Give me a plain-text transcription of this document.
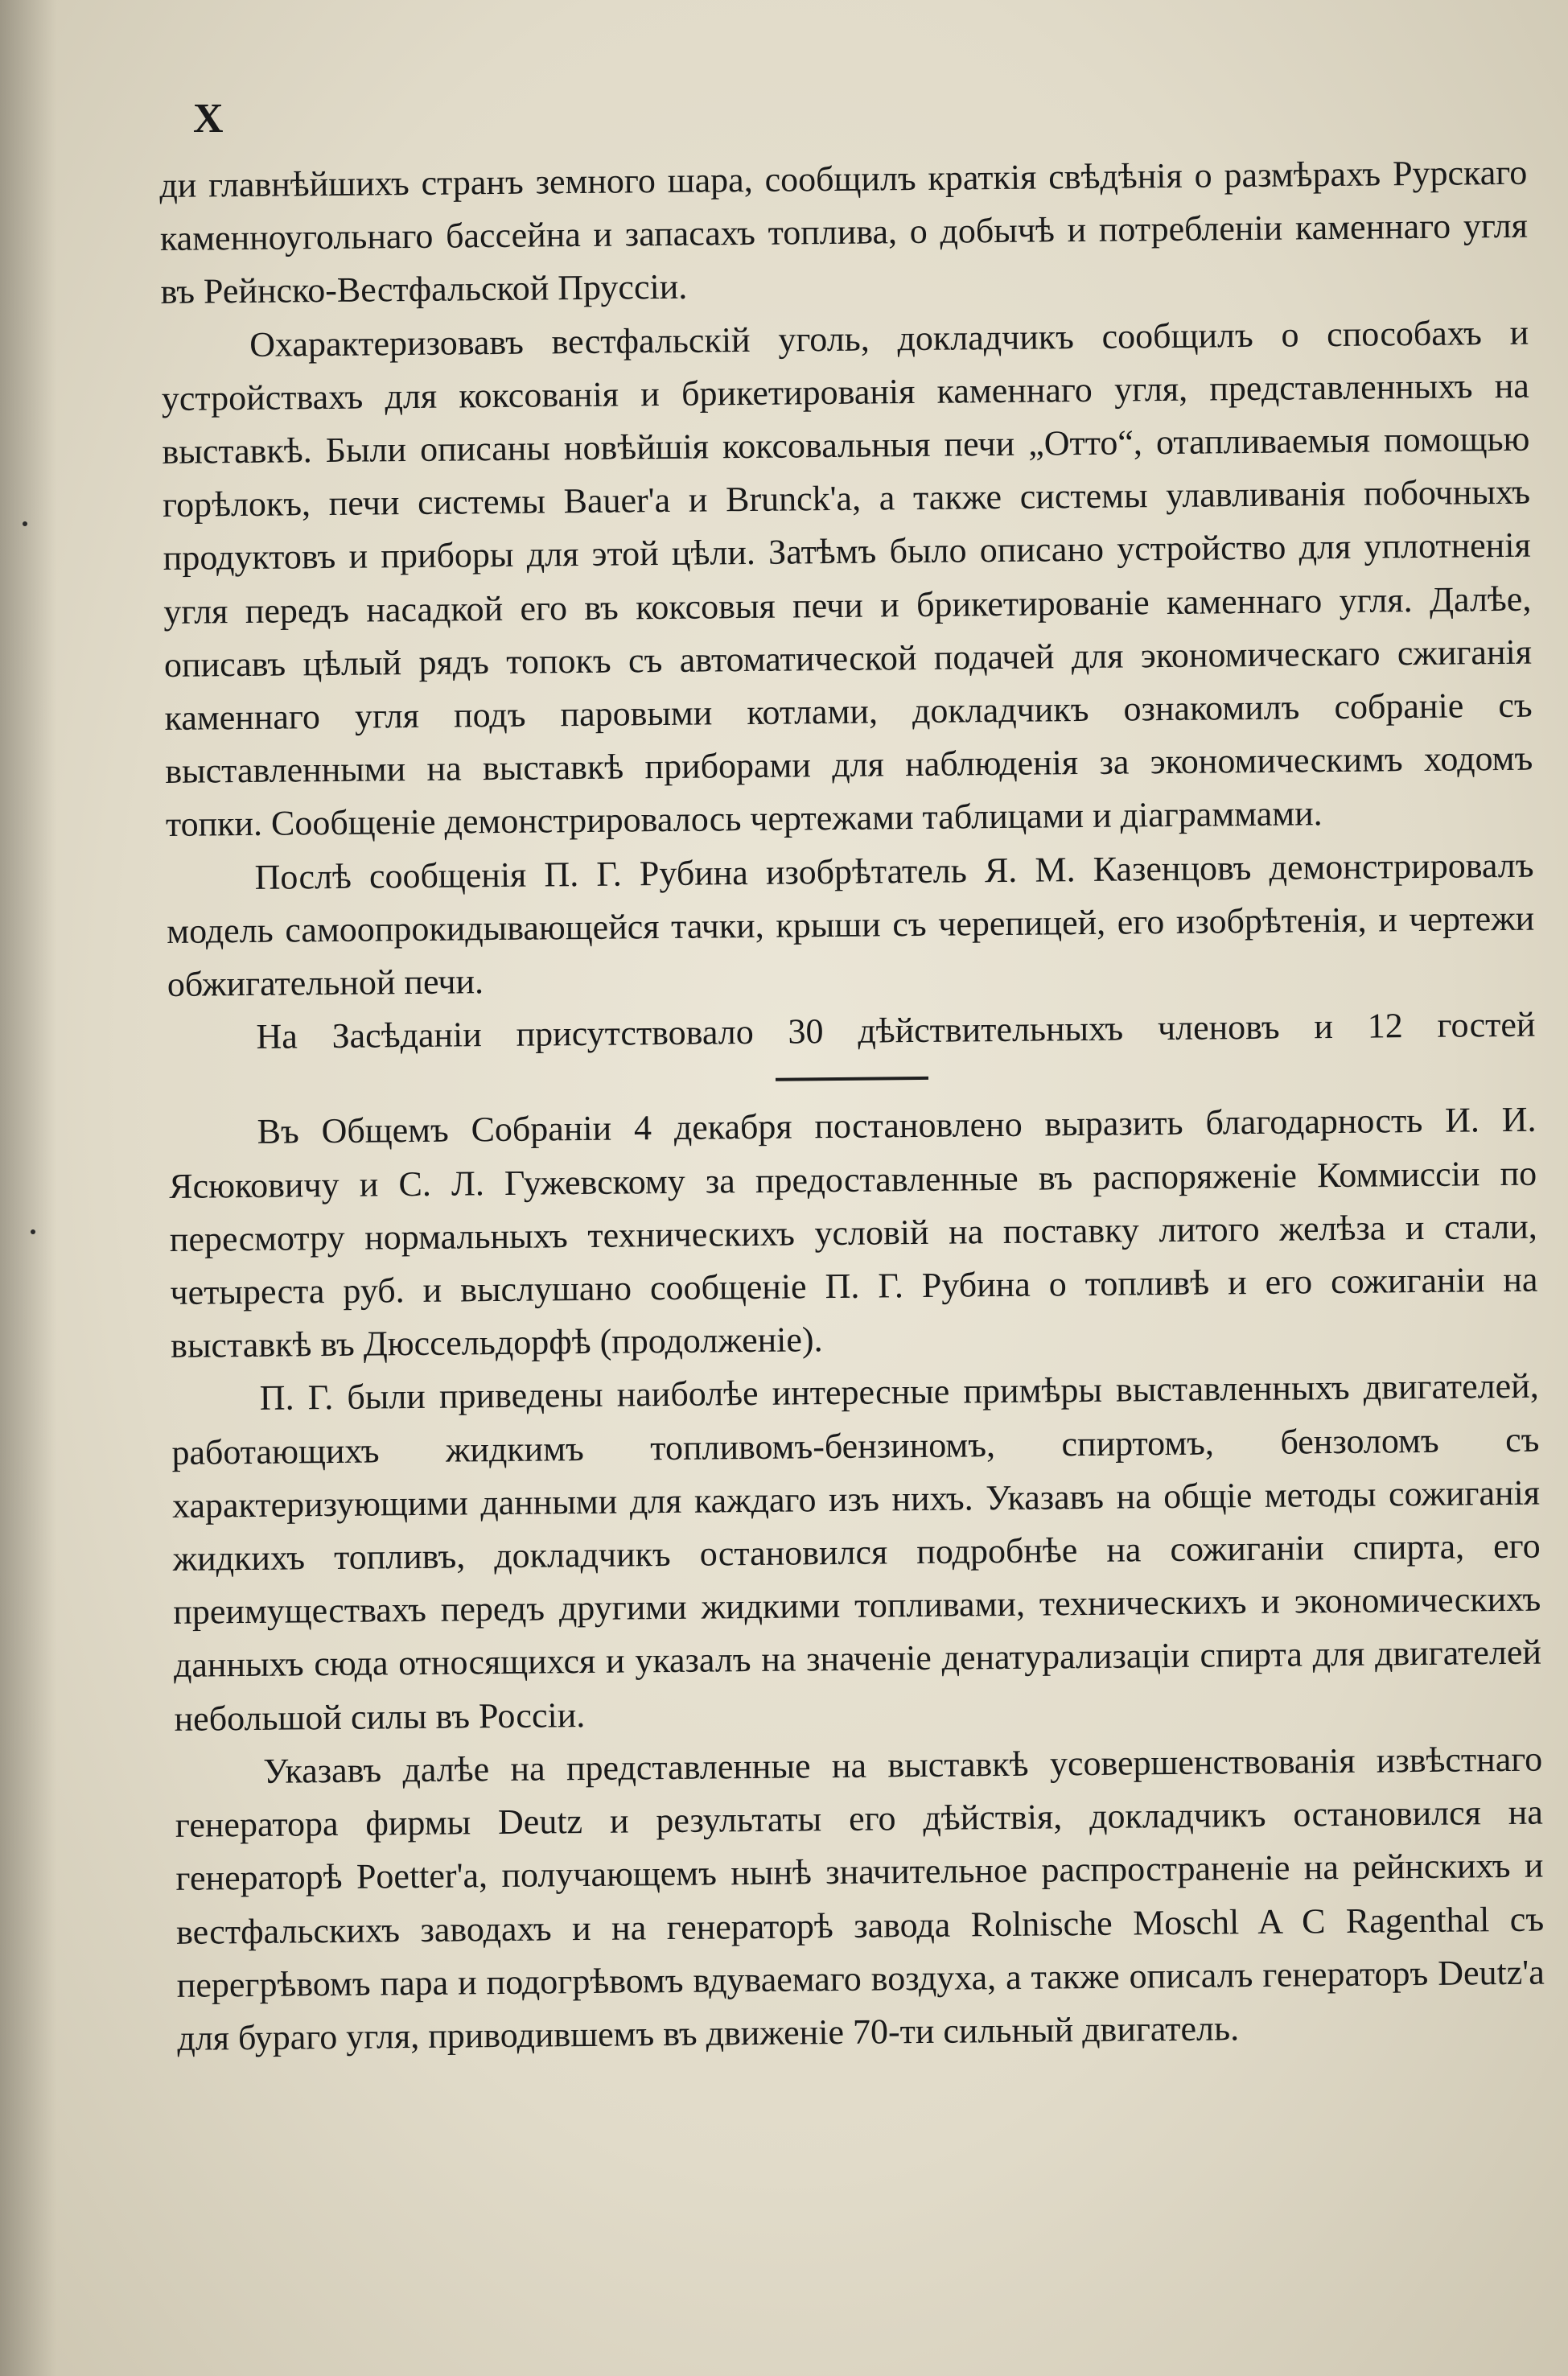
X

ди главнѣйшихъ странъ земного шара, сообщилъ краткія свѣдѣнія о размѣрахъ Рурскаго каменноугольнаго бассейна и запасахъ топлива, о добычѣ и потребленіи каменнаго угля въ Рейнско-Вестфальской Пруссіи.

Охарактеризовавъ вестфальскій уголь, докладчикъ сообщилъ о способахъ и устройствахъ для коксованія и брикетированія каменнаго угля, представленныхъ на выставкѣ. Были описаны новѣйшія коксовальныя печи „Отто“, отапливаемыя помощью горѣлокъ, печи системы Bauer'а и Brunck'а, а также системы улавливанія побочныхъ продуктовъ и приборы для этой цѣли. Затѣмъ было описано устройство для уплотненія угля передъ насадкой его въ коксовыя печи и брикетированіе каменнаго угля. Далѣе, описавъ цѣлый рядъ топокъ съ автоматической подачей для экономическаго сжиганія каменнаго угля подъ паровыми котлами, докладчикъ ознакомилъ собраніе съ выставленными на выставкѣ приборами для наблюденія за экономическимъ ходомъ топки. Сообщеніе демонстрировалось чертежами таблицами и діаграммами.

Послѣ сообщенія П. Г. Рубина изобрѣтатель Я. М. Казенцовъ демонстрировалъ модель самоопрокидывающейся тачки, крыши съ черепицей, его изобрѣтенія, и чертежи обжигательной печи.

На Засѣданіи присутствовало 30 дѣйствительныхъ членовъ и 12 гостей

Въ Общемъ Собраніи 4 декабря постановлено выразить благодарность И. И. Ясюковичу и С. Л. Гужевскому за предоставленные въ распоряженіе Коммиссіи по пересмотру нормальныхъ техническихъ условій на поставку литого желѣза и стали, четыреста руб. и выслушано сообщеніе П. Г. Рубина о топливѣ и его сожиганіи на выставкѣ въ Дюссельдорфѣ (продолженіе).

П. Г. были приведены наиболѣе интересные примѣры выставленныхъ двигателей, работающихъ жидкимъ топливомъ-бензиномъ, спиртомъ, бензоломъ съ характеризующими данными для каждаго изъ нихъ. Указавъ на общіе методы сожиганія жидкихъ топливъ, докладчикъ остановился подробнѣе на сожиганіи спирта, его преимуществахъ передъ другими жидкими топливами, техническихъ и экономическихъ данныхъ сюда относящихся и указалъ на значеніе денатурализаціи спирта для двигателей небольшой силы въ Россіи.

Указавъ далѣе на представленные на выставкѣ усовершенствованія извѣстнаго генератора фирмы Deutz и результаты его дѣйствія, докладчикъ остановился на генераторѣ Poetter'а, получающемъ нынѣ значительное распространеніе на рейнскихъ и вестфальскихъ заводахъ и на генераторѣ завода Rolnische Moschl A C Ragenthal съ перегрѣвомъ пара и подогрѣвомъ вдуваемаго воздуха, а также описалъ генераторъ Deutz'а для бураго угля, приводившемъ въ движеніе 70-ти сильный двигатель.
